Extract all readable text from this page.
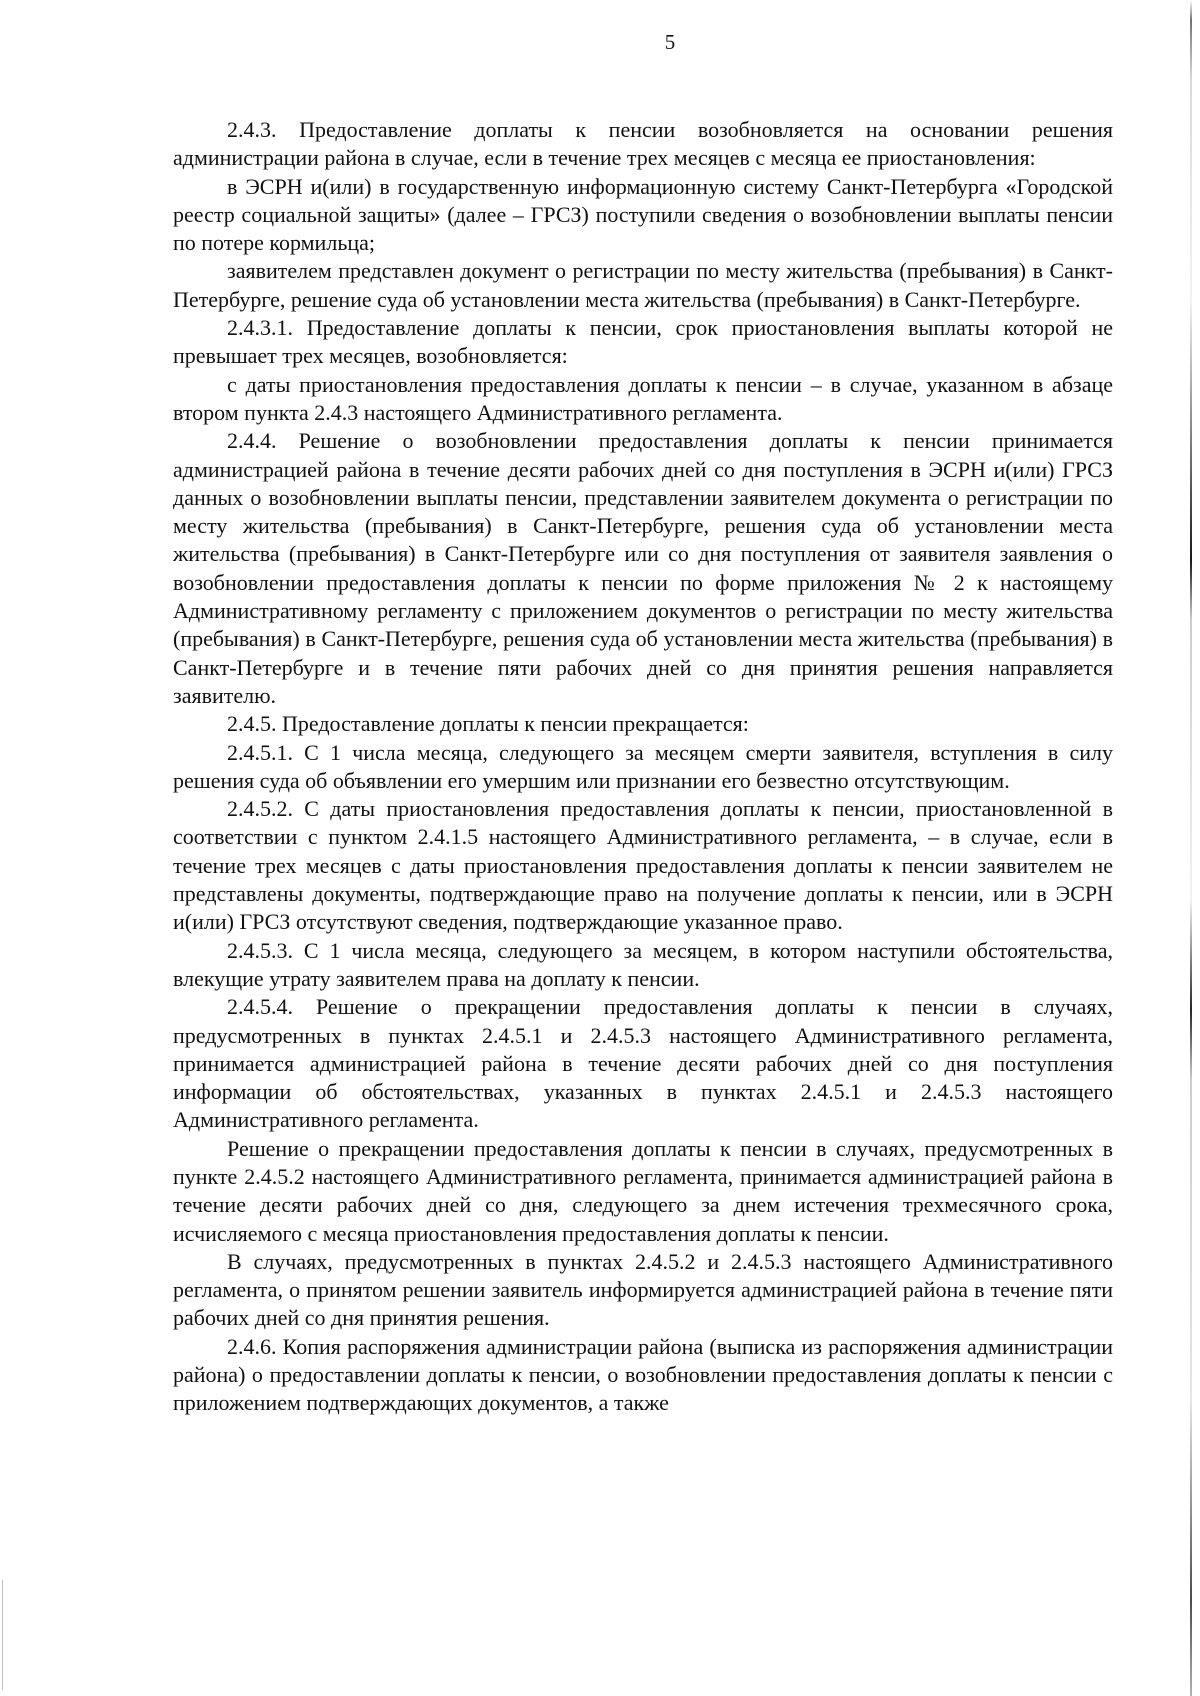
5

2.4.3. Предоставление доплаты к пенсии возобновляется на основании решения администрации района в случае, если в течение трех месяцев с месяца ее приостановления:

в ЭСРН и(или) в государственную информационную систему Санкт-Петербурга «Городской реестр социальной защиты» (далее – ГРСЗ) поступили сведения о возобновлении выплаты пенсии по потере кормильца;

заявителем представлен документ о регистрации по месту жительства (пребывания) в Санкт-Петербурге, решение суда об установлении места жительства (пребывания) в Санкт-Петербурге.

2.4.3.1. Предоставление доплаты к пенсии, срок приостановления выплаты которой не превышает трех месяцев, возобновляется:

с даты приостановления предоставления доплаты к пенсии – в случае, указанном в абзаце втором пункта 2.4.3 настоящего Административного регламента.

2.4.4. Решение о возобновлении предоставления доплаты к пенсии принимается администрацией района в течение десяти рабочих дней со дня поступления в ЭСРН и(или) ГРСЗ данных о возобновлении выплаты пенсии, представлении заявителем документа о регистрации по месту жительства (пребывания) в Санкт-Петербурге, решения суда об установлении места жительства (пребывания) в Санкт-Петербурге или со дня поступления от заявителя заявления о возобновлении предоставления доплаты к пенсии по форме приложения № 2 к настоящему Административному регламенту с приложением документов о регистрации по месту жительства (пребывания) в Санкт-Петербурге, решения суда об установлении места жительства (пребывания) в Санкт-Петербурге и в течение пяти рабочих дней со дня принятия решения направляется заявителю.

2.4.5. Предоставление доплаты к пенсии прекращается:

2.4.5.1. С 1 числа месяца, следующего за месяцем смерти заявителя, вступления в силу решения суда об объявлении его умершим или признании его безвестно отсутствующим.

2.4.5.2. С даты приостановления предоставления доплаты к пенсии, приостановленной в соответствии с пунктом 2.4.1.5 настоящего Административного регламента, – в случае, если в течение трех месяцев с даты приостановления предоставления доплаты к пенсии заявителем не представлены документы, подтверждающие право на получение доплаты к пенсии, или в ЭСРН и(или) ГРСЗ отсутствуют сведения, подтверждающие указанное право.

2.4.5.3. С 1 числа месяца, следующего за месяцем, в котором наступили обстоятельства, влекущие утрату заявителем права на доплату к пенсии.

2.4.5.4. Решение о прекращении предоставления доплаты к пенсии в случаях, предусмотренных в пунктах 2.4.5.1 и 2.4.5.3 настоящего Административного регламента, принимается администрацией района в течение десяти рабочих дней со дня поступления информации об обстоятельствах, указанных в пунктах 2.4.5.1 и 2.4.5.3 настоящего Административного регламента.

Решение о прекращении предоставления доплаты к пенсии в случаях, предусмотренных в пункте 2.4.5.2 настоящего Административного регламента, принимается администрацией района в течение десяти рабочих дней со дня, следующего за днем истечения трехмесячного срока, исчисляемого с месяца приостановления предоставления доплаты к пенсии.

В случаях, предусмотренных в пунктах 2.4.5.2 и 2.4.5.3 настоящего Административного регламента, о принятом решении заявитель информируется администрацией района в течение пяти рабочих дней со дня принятия решения.

2.4.6. Копия распоряжения администрации района (выписка из распоряжения администрации района) о предоставлении доплаты к пенсии, о возобновлении предоставления доплаты к пенсии с приложением подтверждающих документов, а также
